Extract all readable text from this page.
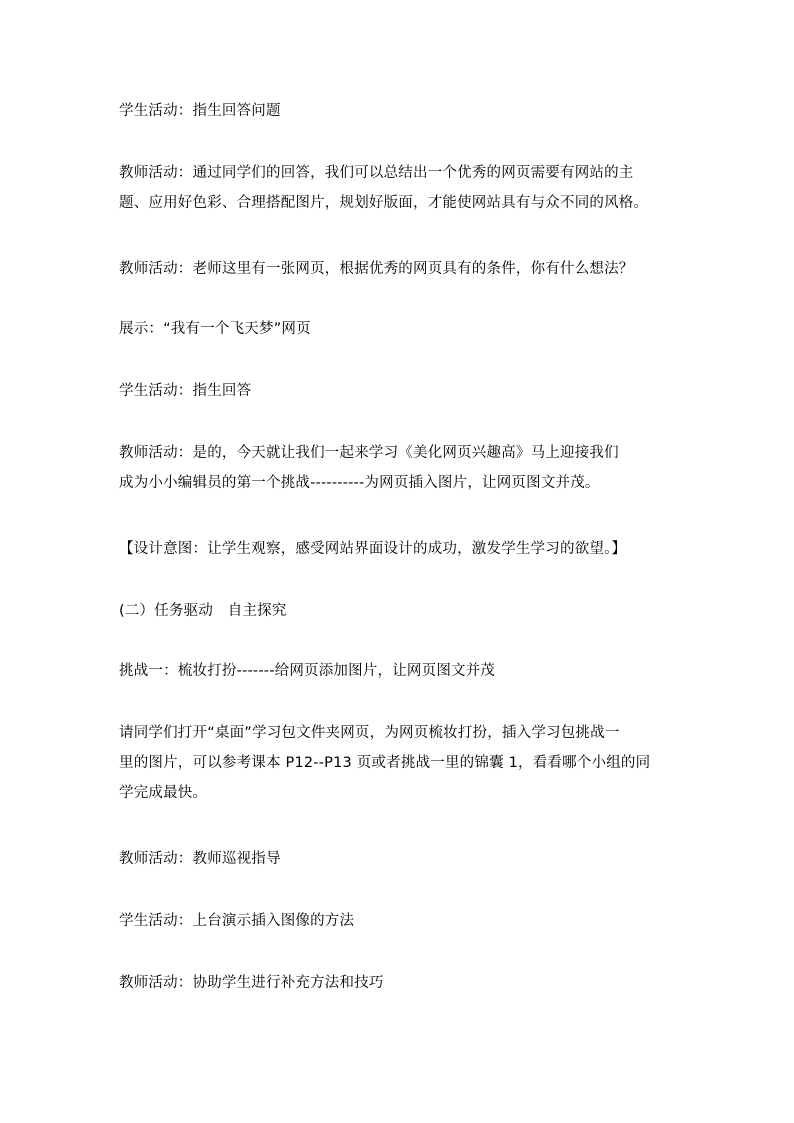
学生活动：指生回答问题
教师活动：通过同学们的回答，我们可以总结出一个优秀的网页需要有网站的主
题、应用好色彩、合理搭配图片，规划好版面，才能使网站具有与众不同的风格。
教师活动：老师这里有一张网页，根据优秀的网页具有的条件，你有什么想法？
展示：“我有一个飞天梦”网页
学生活动：指生回答
教师活动：是的，今天就让我们一起来学习《美化网页兴趣高》马上迎接我们
成为小小编辑员的第一个挑战----------为网页插入图片，让网页图文并茂。
【设计意图：让学生观察，感受网站界面设计的成功，激发学生学习的欲望。】
(二）任务驱动　自主探究
挑战一：梳妆打扮-------给网页添加图片，让网页图文并茂
请同学们打开“桌面”学习包文件夹网页，为网页梳妆打扮，插入学习包挑战一
里的图片，可以参考课本 P12--P13 页或者挑战一里的锦囊 1，看看哪个小组的同
学完成最快。
教师活动：教师巡视指导
学生活动：上台演示插入图像的方法
教师活动：协助学生进行补充方法和技巧
